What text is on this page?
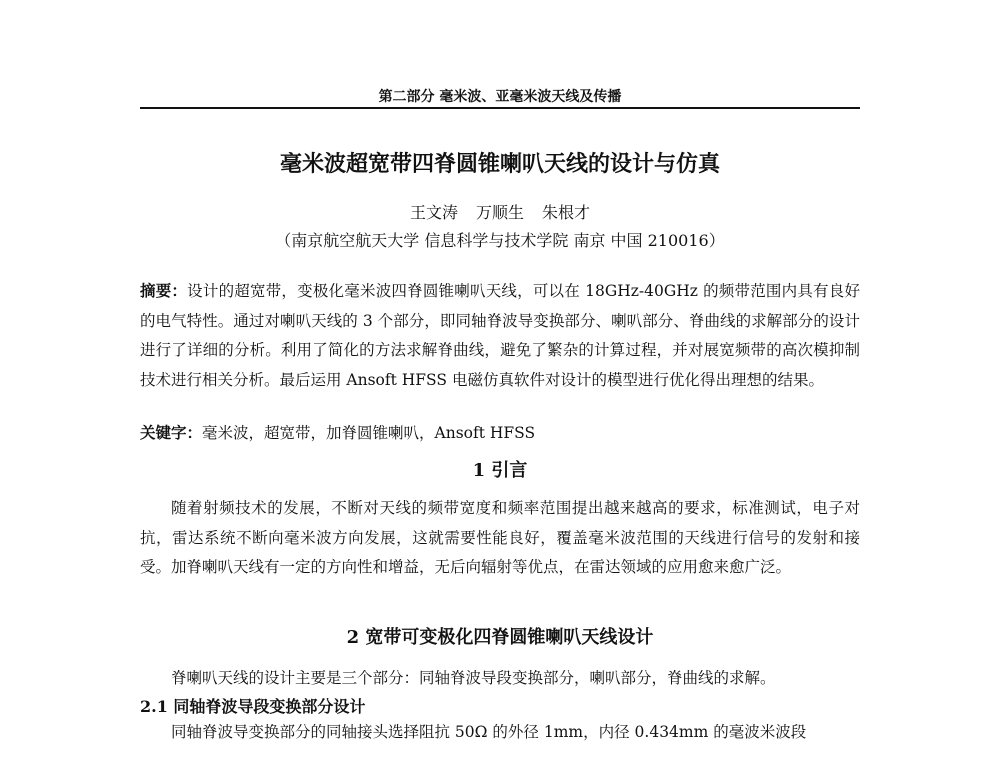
第二部分 毫米波、亚毫米波天线及传播
毫米波超宽带四脊圆锥喇叭天线的设计与仿真
王文涛 万顺生 朱根才
（南京航空航天大学 信息科学与技术学院 南京 中国 210016）
摘要：设计的超宽带，变极化毫米波四脊圆锥喇叭天线，可以在 18GHz-40GHz 的频带范围内具有良好的电气特性。通过对喇叭天线的 3 个部分，即同轴脊波导变换部分、喇叭部分、脊曲线的求解部分的设计进行了详细的分析。利用了简化的方法求解脊曲线，避免了繁杂的计算过程，并对展宽频带的高次模抑制技术进行相关分析。最后运用 Ansoft HFSS 电磁仿真软件对设计的模型进行优化得出理想的结果。
关键字：毫米波，超宽带，加脊圆锥喇叭，Ansoft HFSS
1 引言
随着射频技术的发展，不断对天线的频带宽度和频率范围提出越来越高的要求，标准测试，电子对抗，雷达系统不断向毫米波方向发展，这就需要性能良好，覆盖毫米波范围的天线进行信号的发射和接受。加脊喇叭天线有一定的方向性和增益，无后向辐射等优点，在雷达领域的应用愈来愈广泛。
2 宽带可变极化四脊圆锥喇叭天线设计
脊喇叭天线的设计主要是三个部分：同轴脊波导段变换部分，喇叭部分，脊曲线的求解。
2.1 同轴脊波导段变换部分设计
同轴脊波导变换部分的同轴接头选择阻抗 50Ω 的外径 1mm，内径 0.434mm 的毫波米波段
